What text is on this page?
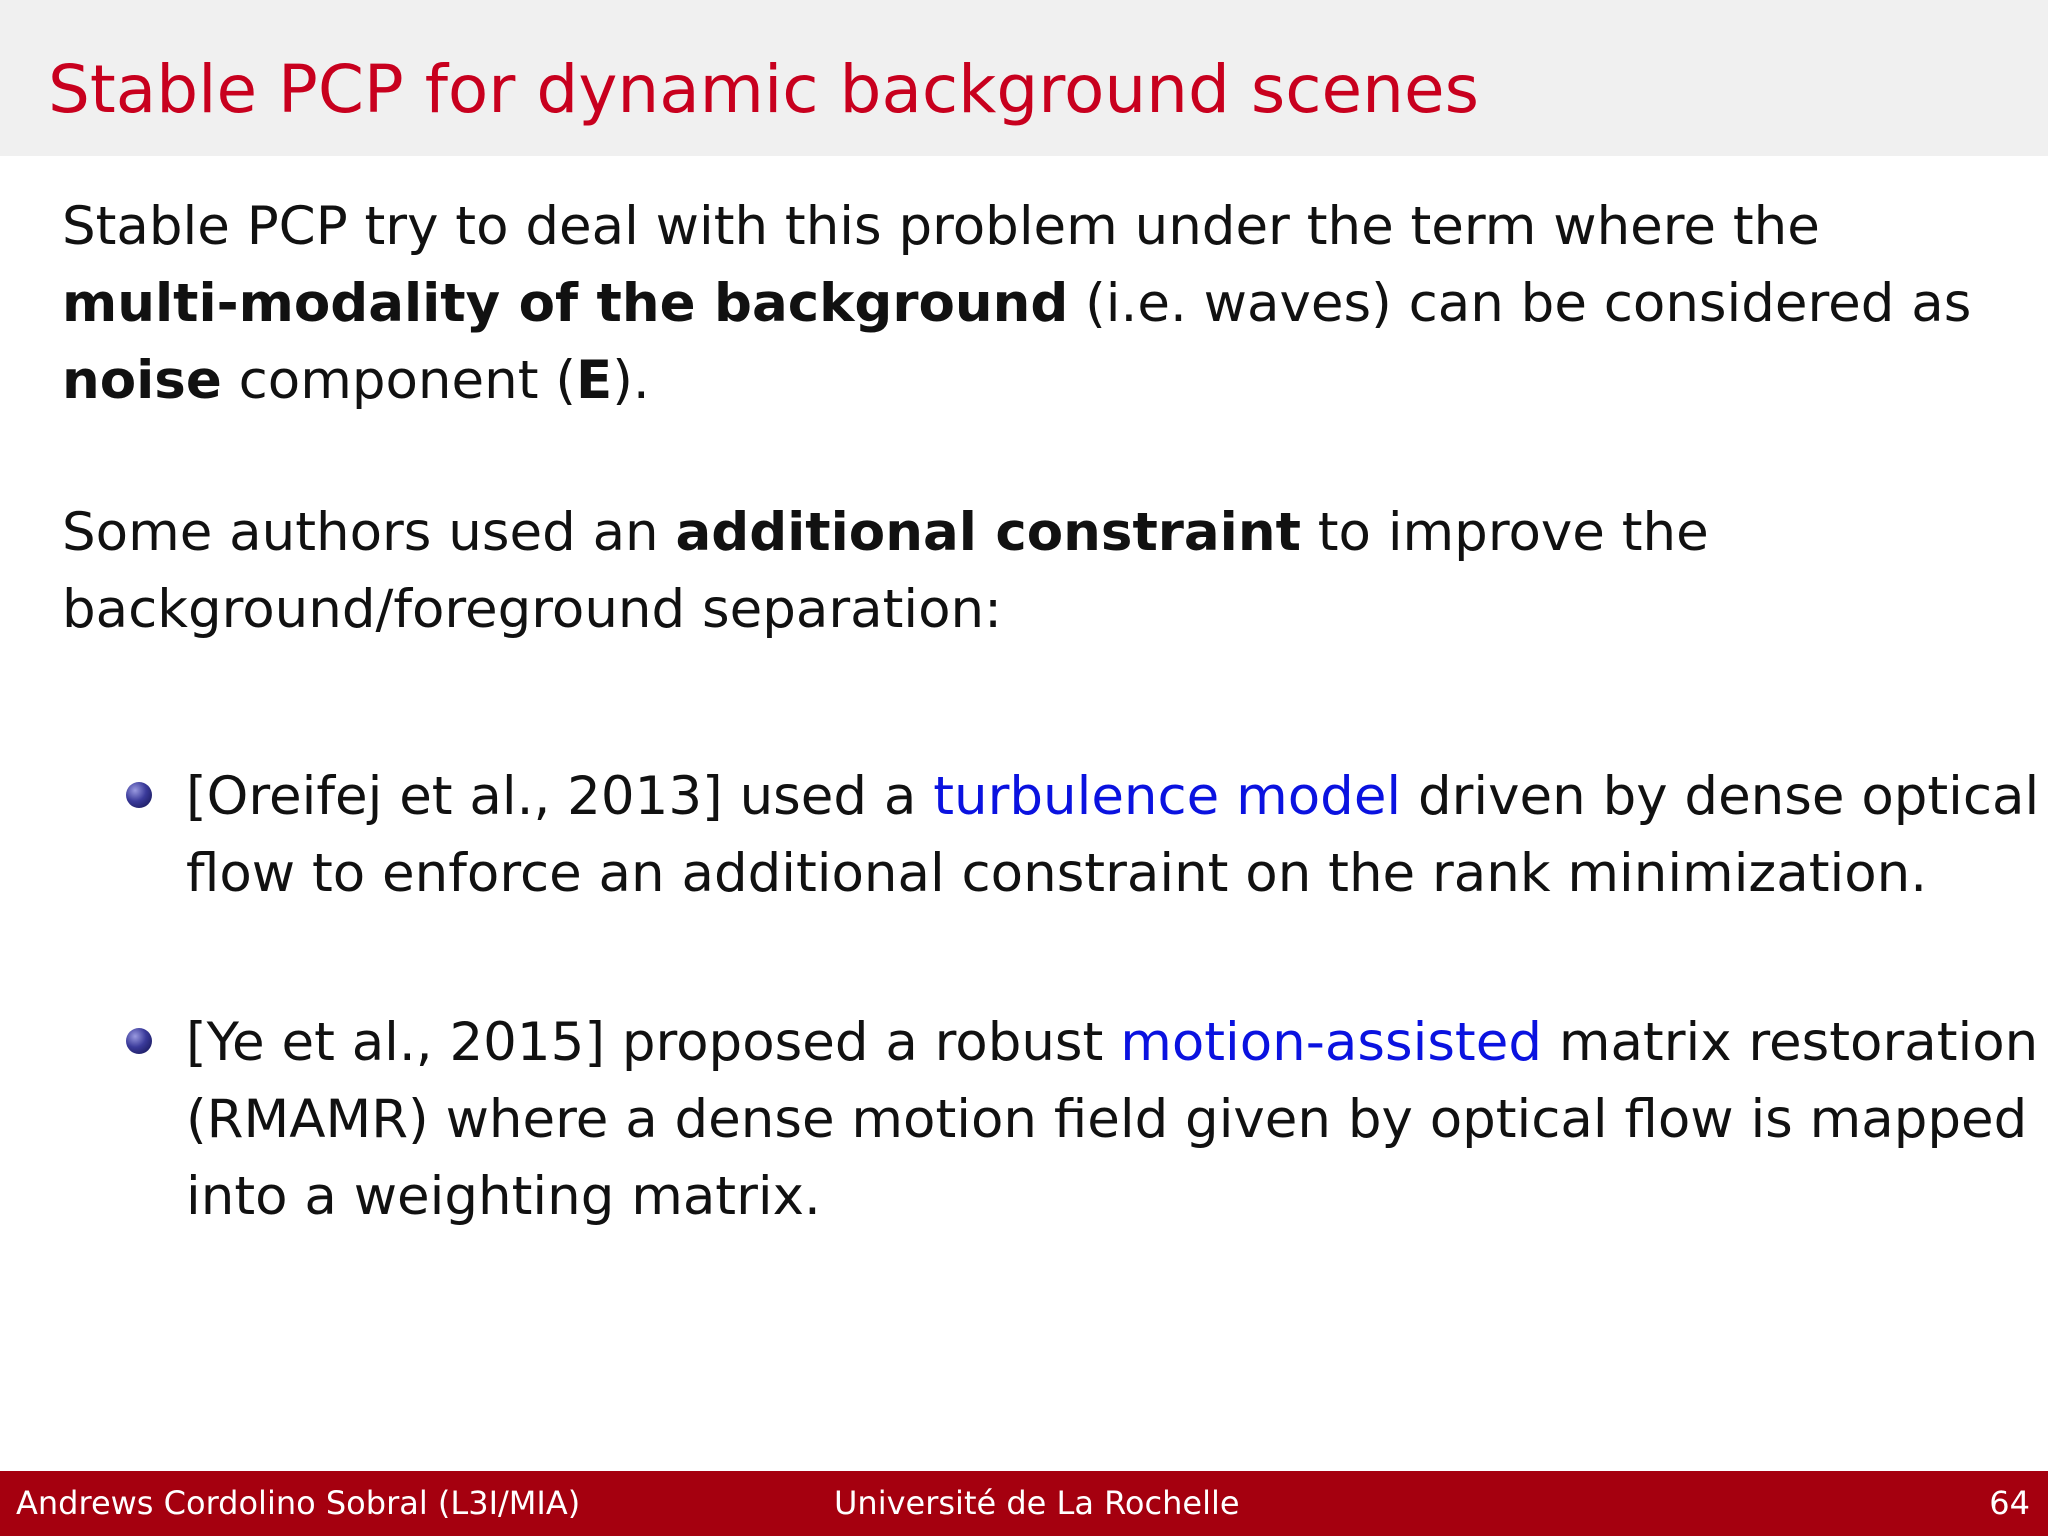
Stable PCP for dynamic background scenes

Stable PCP try to deal with this problem under the term where the
multi-modality of the background (i.e. waves) can be considered as
noise component (E).

Some authors used an additional constraint to improve the
background/foreground separation:

[Oreifej et al., 2013] used a turbulence model driven by dense optical flow to enforce an additional constraint on the rank minimization.
[Ye et al., 2015] proposed a robust motion-assisted matrix restoration (RMAMR) where a dense motion field given by optical flow is mapped into a weighting matrix.
Andrews Cordolino Sobral (L3I/MIA)	Université de La Rochelle	64
